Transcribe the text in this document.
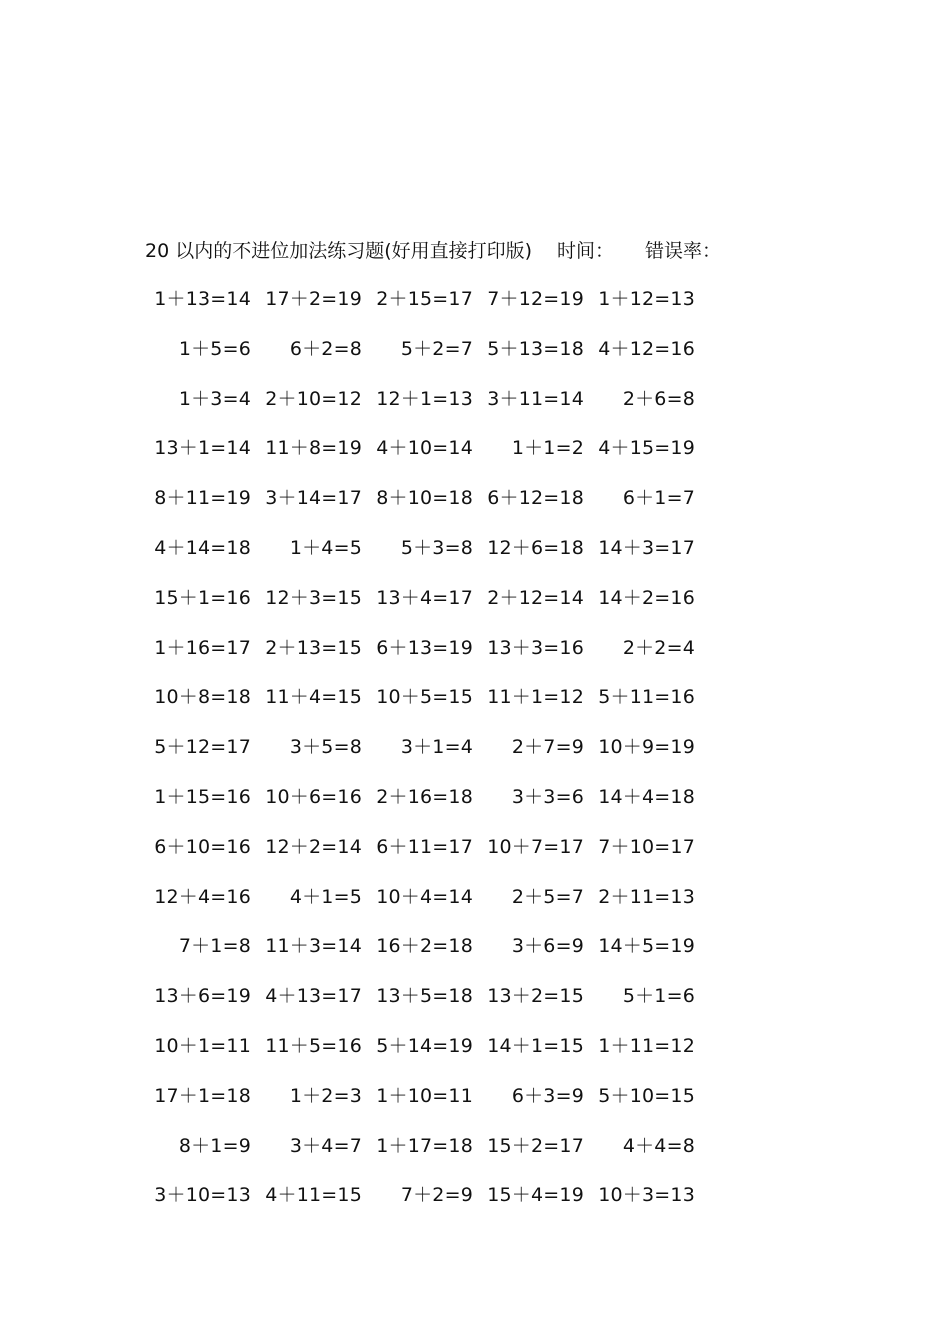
20 以内的不进位加法练习题(好用直接打印版) 时间： 错误率：
1＋13=14 17＋2=19 2＋15=17 7＋12=19 1＋12=13
1＋5=6	6＋2=8	5＋2=7 5＋13=18 4＋12=16
1＋3=4 2＋10=12 12＋1=13 3＋11=14	2＋6=8
13＋1=14 11＋8=19 4＋10=14	1＋1=2 4＋15=19
8＋11=19 3＋14=17 8＋10=18 6＋12=18	6＋1=7
4＋14=18	1＋4=5	5＋3=8 12＋6=18 14＋3=17
15＋1=16 12＋3=15 13＋4=17 2＋12=14 14＋2=16
1＋16=17 2＋13=15 6＋13=19 13＋3=16	2＋2=4
10＋8=18 11＋4=15 10＋5=15 11＋1=12 5＋11=16
5＋12=17	3＋5=8	3＋1=4	2＋7=9 10＋9=19
1＋15=16 10＋6=16 2＋16=18	3＋3=6 14＋4=18
6＋10=16 12＋2=14 6＋11=17 10＋7=17 7＋10=17
12＋4=16	4＋1=5 10＋4=14	2＋5=7 2＋11=13
7＋1=8 11＋3=14 16＋2=18	3＋6=9 14＋5=19
13＋6=19 4＋13=17 13＋5=18 13＋2=15	5＋1=6
10＋1=11 11＋5=16 5＋14=19 14＋1=15 1＋11=12
17＋1=18	1＋2=3 1＋10=11	6＋3=9 5＋10=15
8＋1=9	3＋4=7 1＋17=18 15＋2=17	4＋4=8
3＋10=13 4＋11=15	7＋2=9 15＋4=19 10＋3=13
